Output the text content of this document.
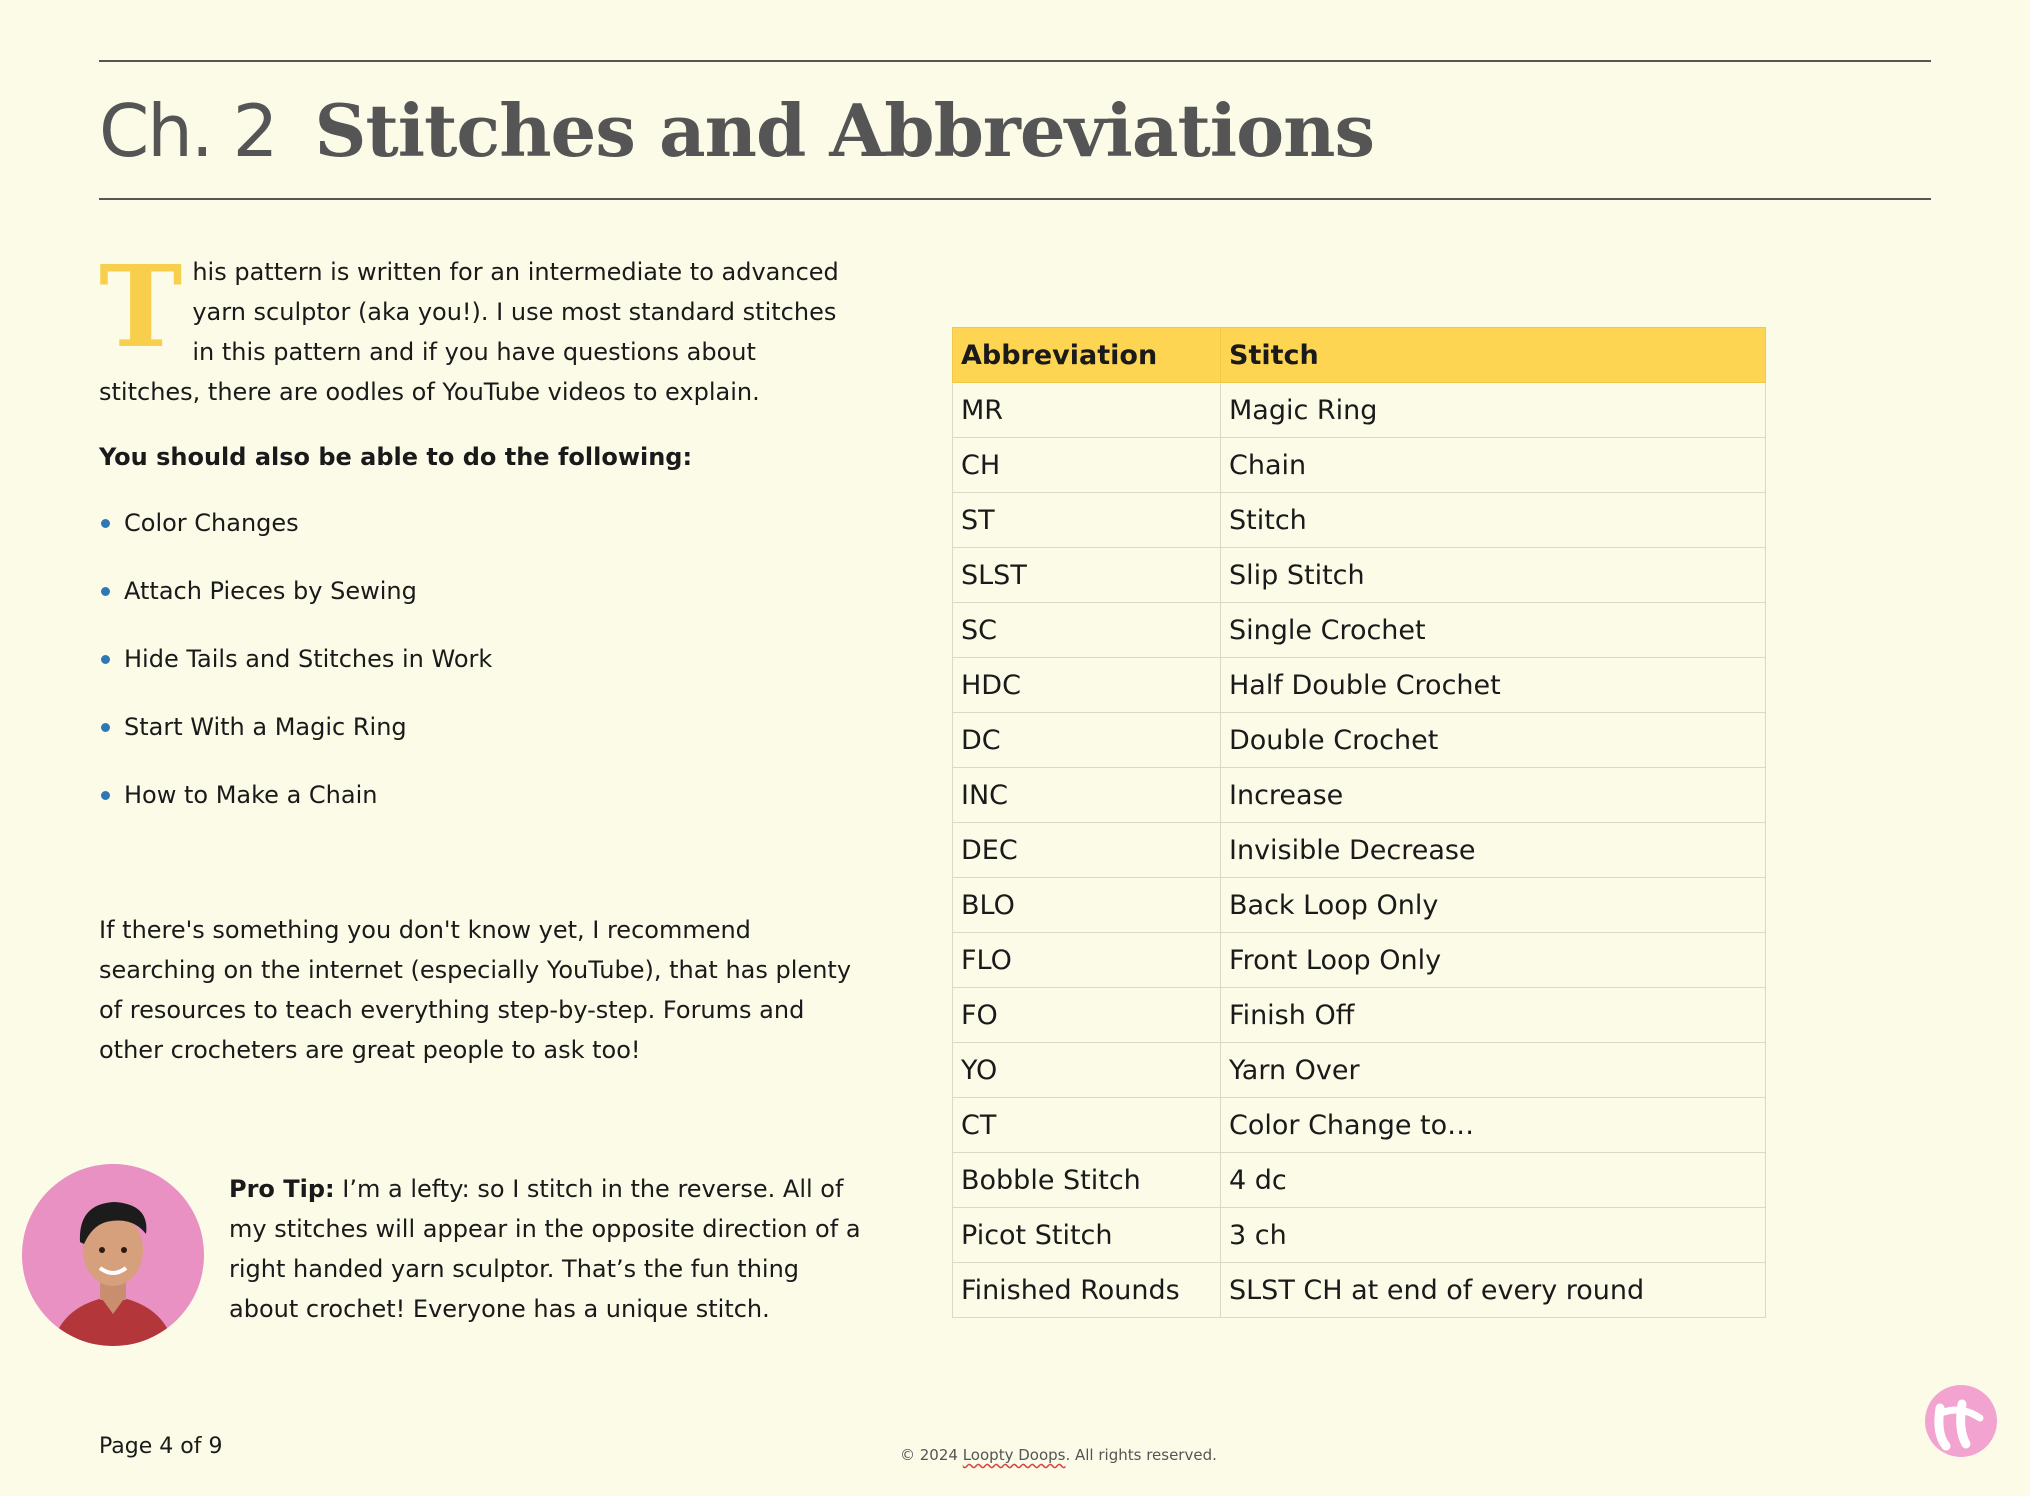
Ch. 2 Stitches and Abbreviations
T his pattern is written for an intermediate to advanced yarn sculptor (aka you!). I use most standard stitches in this pattern and if you have questions about stitches, there are oodles of YouTube videos to explain.
You should also be able to do the following:
Color Changes
Attach Pieces by Sewing
Hide Tails and Stitches in Work
Start With a Magic Ring
How to Make a Chain
If there's something you don't know yet, I recommend searching on the internet (especially YouTube), that has plenty of resources to teach everything step-by-step. Forums and other crocheters are great people to ask too!
Pro Tip: I’m a lefty: so I stitch in the reverse. All of my stitches will appear in the opposite direction of a right handed yarn sculptor. That’s the fun thing about crochet! Everyone has a unique stitch.
Abbreviation	Stitch
MR	Magic Ring
CH	Chain
ST	Stitch
SLST	Slip Stitch
SC	Single Crochet
HDC	Half Double Crochet
DC	Double Crochet
INC	Increase
DEC	Invisible Decrease
BLO	Back Loop Only
FLO	Front Loop Only
FO	Finish Off
YO	Yarn Over
CT	Color Change to…
Bobble Stitch	4 dc
Picot Stitch	3 ch
Finished Rounds	SLST CH at end of every round
Page 4 of 9	© 2024 Loopty Doops. All rights reserved.
